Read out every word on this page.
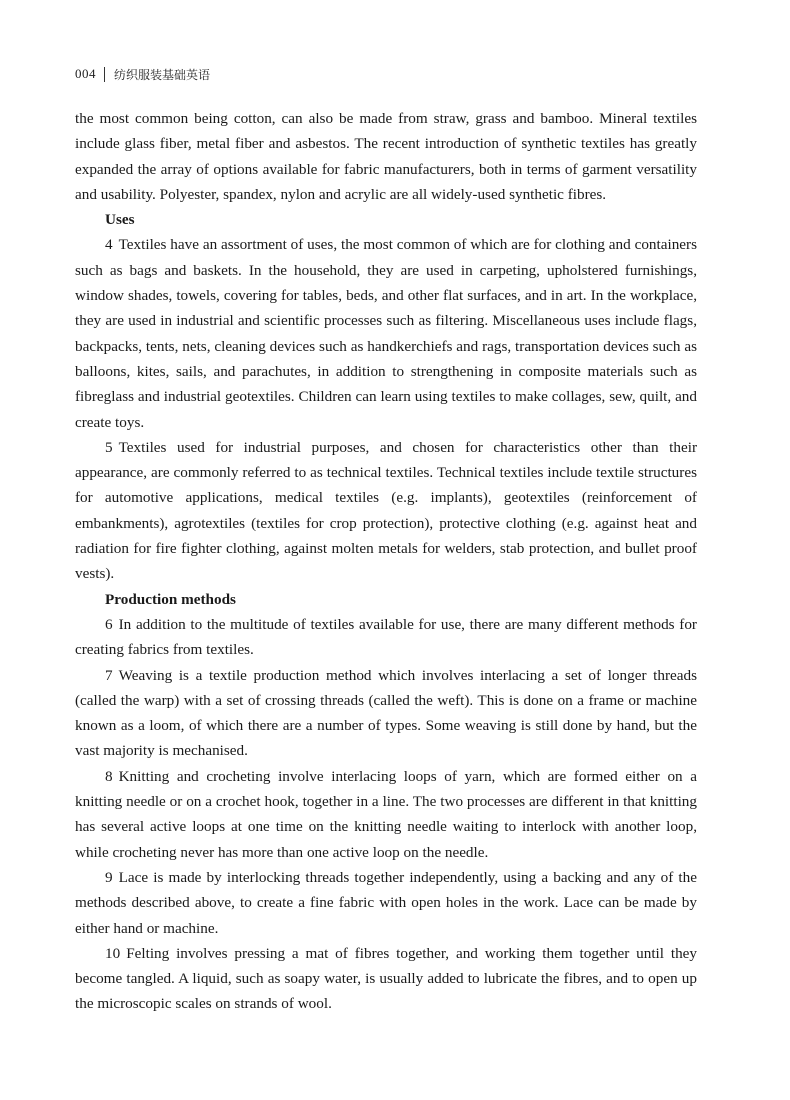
004 纺织服装基础英语

the most common being cotton, can also be made from straw, grass and bamboo. Mineral textiles include glass fiber, metal fiber and asbestos. The recent introduction of synthetic textiles has greatly expanded the array of options available for fabric manufacturers, both in terms of garment versatility and usability. Polyester, spandex, nylon and acrylic are all widely-used synthetic fibres.

Uses

4 Textiles have an assortment of uses, the most common of which are for clothing and containers such as bags and baskets. In the household, they are used in carpeting, upholstered furnishings, window shades, towels, covering for tables, beds, and other flat surfaces, and in art. In the workplace, they are used in industrial and scientific processes such as filtering. Miscellaneous uses include flags, backpacks, tents, nets, cleaning devices such as handkerchiefs and rags, transportation devices such as balloons, kites, sails, and parachutes, in addition to strengthening in composite materials such as fibreglass and industrial geotextiles. Children can learn using textiles to make collages, sew, quilt, and create toys.

5 Textiles used for industrial purposes, and chosen for characteristics other than their appearance, are commonly referred to as technical textiles. Technical textiles include textile structures for automotive applications, medical textiles (e.g. implants), geotextiles (reinforcement of embankments), agrotextiles (textiles for crop protection), protective clothing (e.g. against heat and radiation for fire fighter clothing, against molten metals for welders, stab protection, and bullet proof vests).

Production methods

6 In addition to the multitude of textiles available for use, there are many different methods for creating fabrics from textiles.

7 Weaving is a textile production method which involves interlacing a set of longer threads (called the warp) with a set of crossing threads (called the weft). This is done on a frame or machine known as a loom, of which there are a number of types. Some weaving is still done by hand, but the vast majority is mechanised.

8 Knitting and crocheting involve interlacing loops of yarn, which are formed either on a knitting needle or on a crochet hook, together in a line. The two processes are different in that knitting has several active loops at one time on the knitting needle waiting to interlock with another loop, while crocheting never has more than one active loop on the needle.

9 Lace is made by interlocking threads together independently, using a backing and any of the methods described above, to create a fine fabric with open holes in the work. Lace can be made by either hand or machine.

10 Felting involves pressing a mat of fibres together, and working them together until they become tangled. A liquid, such as soapy water, is usually added to lubricate the fibres, and to open up the microscopic scales on strands of wool.
